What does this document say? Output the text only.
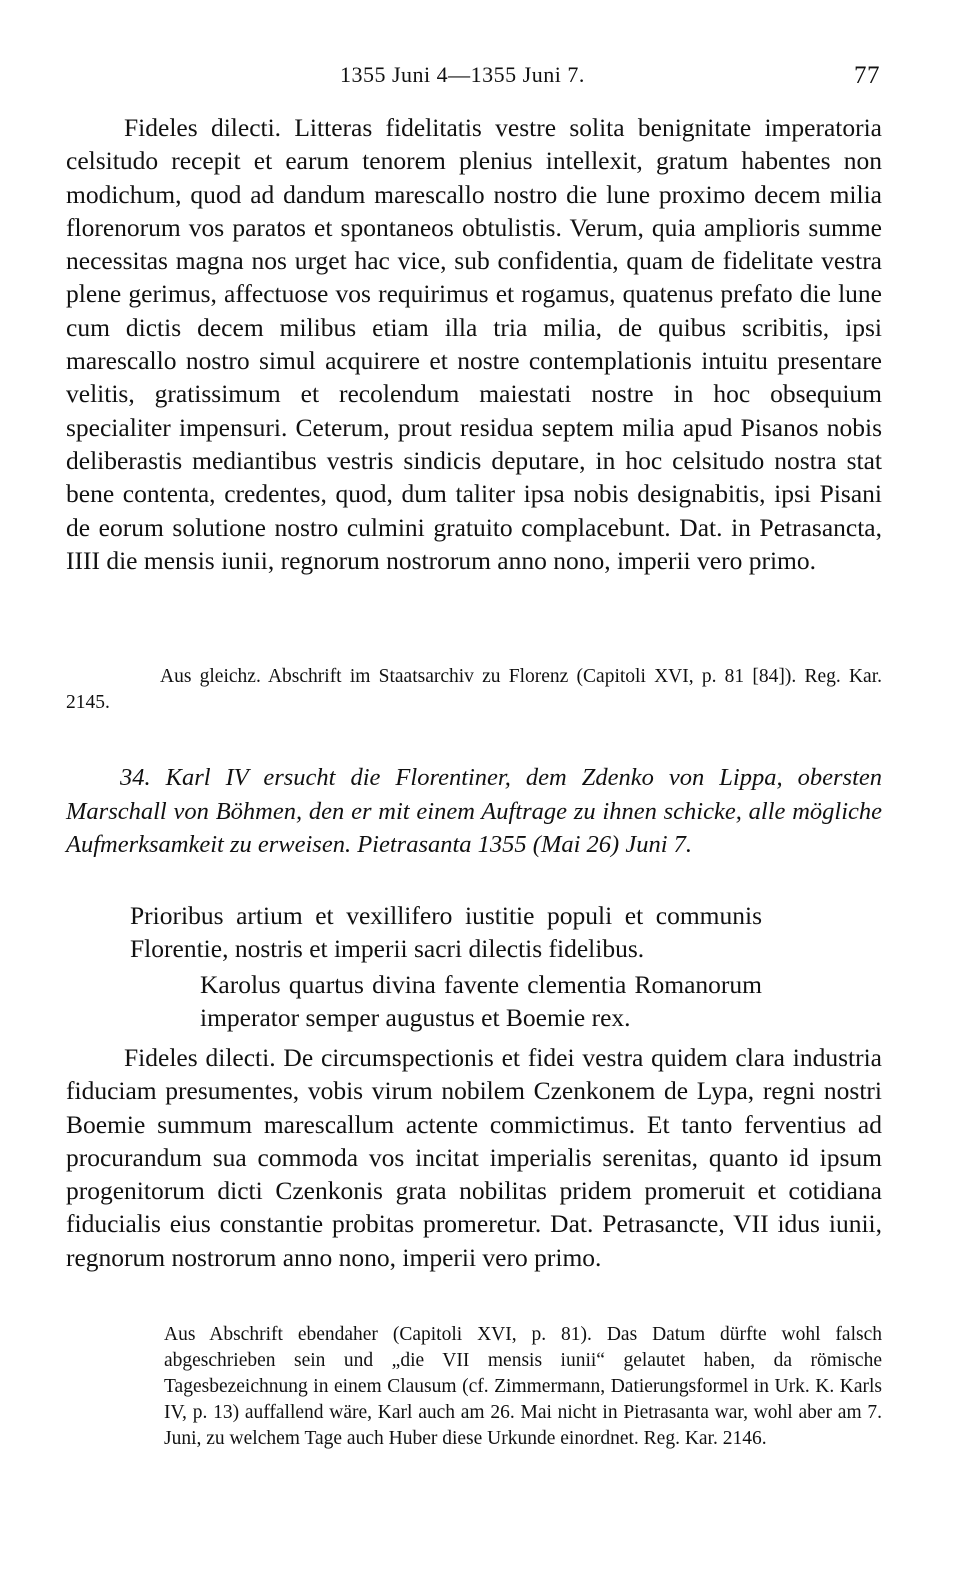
1355 Juni 4—1355 Juni 7.	77

Fideles dilecti. Litteras fidelitatis vestre solita benignitate imperatoria celsitudo recepit et earum tenorem plenius intellexit, gratum habentes non modichum, quod ad dandum marescallo nostro die lune proximo decem milia florenorum vos paratos et spontaneos obtulistis. Verum, quia amplioris summe necessitas magna nos urget hac vice, sub confidentia, quam de fidelitate vestra plene gerimus, affectuose vos requirimus et rogamus, quatenus prefato die lune cum dictis decem milibus etiam illa tria milia, de quibus scribitis, ipsi marescallo nostro simul acquirere et nostre contemplationis intuitu presentare velitis, gratissimum et recolendum maiestati nostre in hoc obsequium specialiter impensuri. Ceterum, prout residua septem milia apud Pisanos nobis deliberastis mediantibus vestris sindicis deputare, in hoc celsitudo nostra stat bene contenta, credentes, quod, dum taliter ipsa nobis designabitis, ipsi Pisani de eorum solutione nostro culmini gratuito complacebunt. Dat. in Petrasancta, IIII die mensis iunii, regnorum nostrorum anno nono, imperii vero primo.

Aus gleichz. Abschrift im Staatsarchiv zu Florenz (Capitoli XVI, p. 81 [84]). Reg. Kar. 2145.

34. Karl IV ersucht die Florentiner, dem Zdenko von Lippa, obersten Marschall von Böhmen, den er mit einem Auftrage zu ihnen schicke, alle mögliche Aufmerksamkeit zu erweisen. Pietrasanta 1355 (Mai 26) Juni 7.

Prioribus artium et vexillifero iustitie populi et communis Florentie, nostris et imperii sacri dilectis fidelibus.

Karolus quartus divina favente clementia Romanorum imperator semper augustus et Boemie rex.

Fideles dilecti. De circumspectionis et fidei vestra quidem clara industria fiduciam presumentes, vobis virum nobilem Czenkonem de Lypa, regni nostri Boemie summum marescallum actente commictimus. Et tanto ferventius ad procurandum sua commoda vos incitat imperialis serenitas, quanto id ipsum progenitorum dicti Czenkonis grata nobilitas pridem promeruit et cotidiana fiducialis eius constantie probitas promeretur. Dat. Petrasancte, VII idus iunii, regnorum nostrorum anno nono, imperii vero primo.

Aus Abschrift ebendaher (Capitoli XVI, p. 81). Das Datum dürfte wohl falsch abgeschrieben sein und „die VII mensis iunii“ gelautet haben, da römische Tagesbezeichnung in einem Clausum (cf. Zimmermann, Datierungsformel in Urk. K. Karls IV, p. 13) auffallend wäre, Karl auch am 26. Mai nicht in Pietrasanta war, wohl aber am 7. Juni, zu welchem Tage auch Huber diese Urkunde einordnet. Reg. Kar. 2146.
